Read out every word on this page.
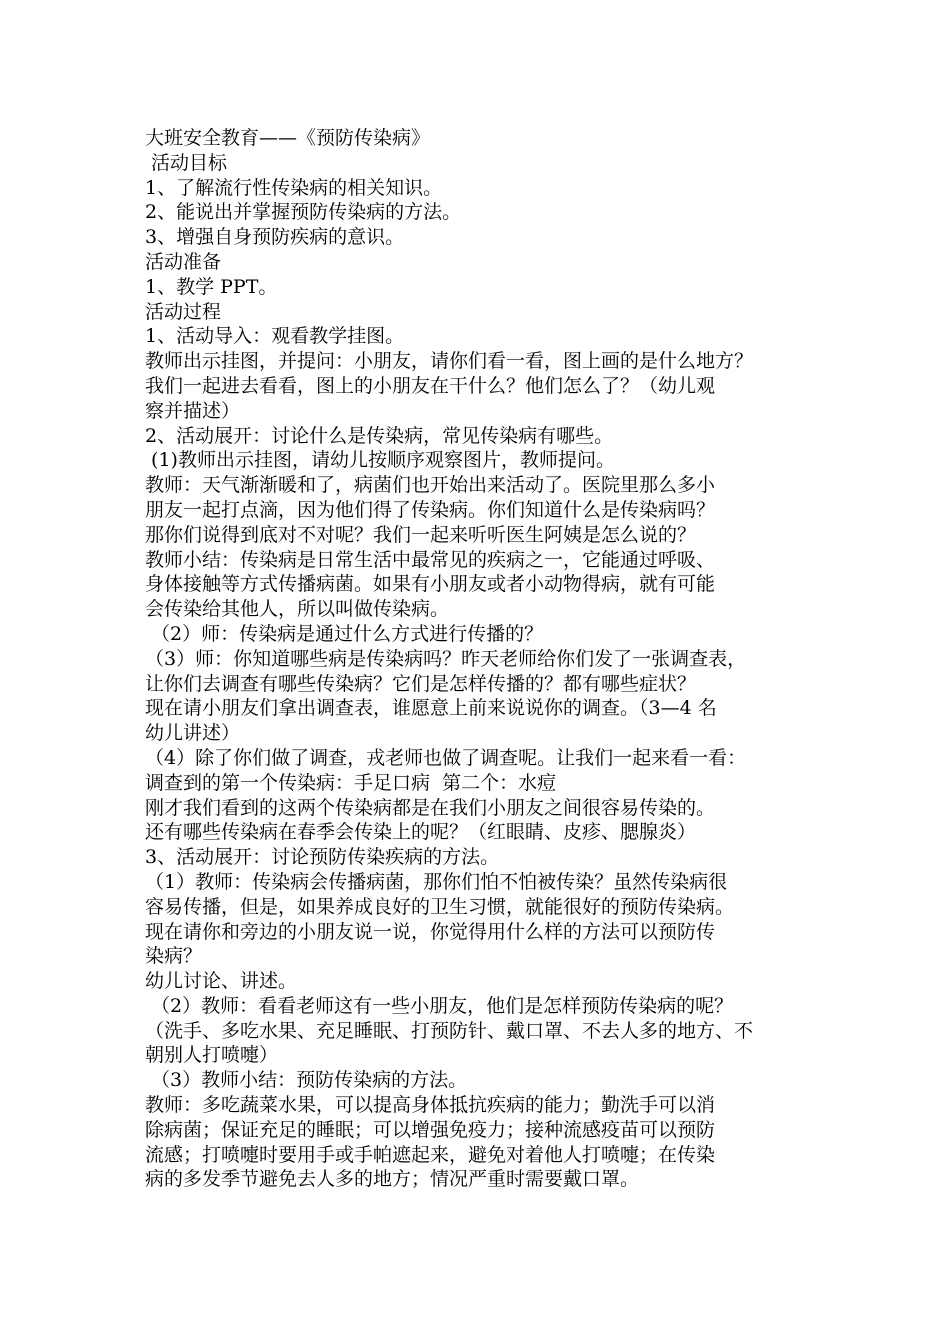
大班安全教育——《预防传染病》
活动目标
1、了解流行性传染病的相关知识。
2、能说出并掌握预防传染病的方法。
3、增强自身预防疾病的意识。
活动准备
1、教学 PPT。
活动过程
1、活动导入：观看教学挂图。
教师出示挂图，并提问：小朋友，请你们看一看，图上画的是什么地方？
我们一起进去看看，图上的小朋友在干什么？他们怎么了？（幼儿观
察并描述）
2、活动展开：讨论什么是传染病，常见传染病有哪些。
(1)教师出示挂图，请幼儿按顺序观察图片，教师提问。
教师：天气渐渐暖和了，病菌们也开始出来活动了。医院里那么多小
朋友一起打点滴，因为他们得了传染病。你们知道什么是传染病吗？
那你们说得到底对不对呢？我们一起来听听医生阿姨是怎么说的？
教师小结：传染病是日常生活中最常见的疾病之一，它能通过呼吸、
身体接触等方式传播病菌。如果有小朋友或者小动物得病，就有可能
会传染给其他人，所以叫做传染病。
（2）师：传染病是通过什么方式进行传播的？
（3）师：你知道哪些病是传染病吗？昨天老师给你们发了一张调查表，
让你们去调查有哪些传染病？它们是怎样传播的？都有哪些症状？
现在请小朋友们拿出调查表，谁愿意上前来说说你的调查。（3—4 名
幼儿讲述）
（4）除了你们做了调查，戎老师也做了调查呢。让我们一起来看一看：
调查到的第一个传染病：手足口病  第二个：水痘
刚才我们看到的这两个传染病都是在我们小朋友之间很容易传染的。
还有哪些传染病在春季会传染上的呢？（红眼睛、皮疹、腮腺炎）
3、活动展开：讨论预防传染疾病的方法。
（1）教师：传染病会传播病菌，那你们怕不怕被传染？虽然传染病很
容易传播，但是，如果养成良好的卫生习惯，就能很好的预防传染病。
现在请你和旁边的小朋友说一说，你觉得用什么样的方法可以预防传
染病？
幼儿讨论、讲述。
（2）教师：看看老师这有一些小朋友，他们是怎样预防传染病的呢？
（洗手、多吃水果、充足睡眠、打预防针、戴口罩、不去人多的地方、不
朝别人打喷嚏）
（3）教师小结：预防传染病的方法。
教师：多吃蔬菜水果，可以提高身体抵抗疾病的能力；勤洗手可以消
除病菌；保证充足的睡眠；可以增强免疫力；接种流感疫苗可以预防
流感；打喷嚏时要用手或手帕遮起来，避免对着他人打喷嚏；在传染
病的多发季节避免去人多的地方；情况严重时需要戴口罩。
